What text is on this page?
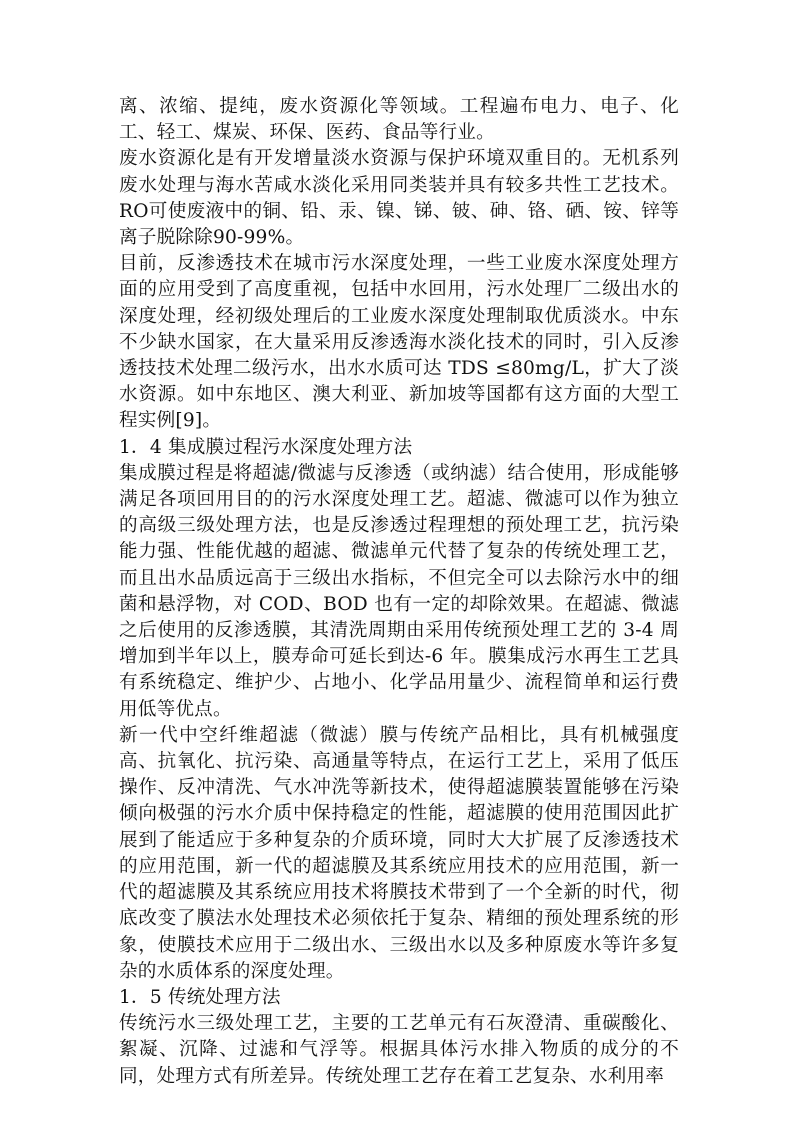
离、浓缩、提纯，废水资源化等领域。工程遍布电力、电子、化工、轻工、煤炭、环保、医药、食品等行业。

废水资源化是有开发增量淡水资源与保护环境双重目的。无机系列废水处理与海水苦咸水淡化采用同类装并具有较多共性工艺技术。RO可使废液中的铜、铅、汞、镍、锑、铍、砷、铬、硒、铵、锌等离子脱除除90-99%。

目前，反渗透技术在城市污水深度处理，一些工业废水深度处理方面的应用受到了高度重视，包括中水回用，污水处理厂二级出水的深度处理，经初级处理后的工业废水深度处理制取优质淡水。中东不少缺水国家，在大量采用反渗透海水淡化技术的同时，引入反渗透技技术处理二级污水，出水水质可达 TDS ≤80mg/L，扩大了淡水资源。如中东地区、澳大利亚、新加坡等国都有这方面的大型工程实例[9]。

1．4 集成膜过程污水深度处理方法

集成膜过程是将超滤/微滤与反渗透（或纳滤）结合使用，形成能够满足各项回用目的的污水深度处理工艺。超滤、微滤可以作为独立的高级三级处理方法，也是反渗透过程理想的预处理工艺，抗污染能力强、性能优越的超滤、微滤单元代替了复杂的传统处理工艺，而且出水品质远高于三级出水指标，不但完全可以去除污水中的细菌和悬浮物，对 COD、BOD 也有一定的却除效果。在超滤、微滤之后使用的反渗透膜，其清洗周期由采用传统预处理工艺的 3-4 周增加到半年以上，膜寿命可延长到达-6 年。膜集成污水再生工艺具有系统稳定、维护少、占地小、化学品用量少、流程简单和运行费用低等优点。

新一代中空纤维超滤（微滤）膜与传统产品相比，具有机械强度高、抗氧化、抗污染、高通量等特点，在运行工艺上，采用了低压操作、反冲清洗、气水冲洗等新技术，使得超滤膜装置能够在污染倾向极强的污水介质中保持稳定的性能，超滤膜的使用范围因此扩展到了能适应于多种复杂的介质环境，同时大大扩展了反渗透技术的应用范围，新一代的超滤膜及其系统应用技术的应用范围，新一代的超滤膜及其系统应用技术将膜技术带到了一个全新的时代，彻底改变了膜法水处理技术必须依托于复杂、精细的预处理系统的形象，使膜技术应用于二级出水、三级出水以及多种原废水等许多复杂的水质体系的深度处理。

1．5 传统处理方法

传统污水三级处理工艺，主要的工艺单元有石灰澄清、重碳酸化、絮凝、沉降、过滤和气浮等。根据具体污水排入物质的成分的不同，处理方式有所差异。传统处理工艺存在着工艺复杂、水利用率
